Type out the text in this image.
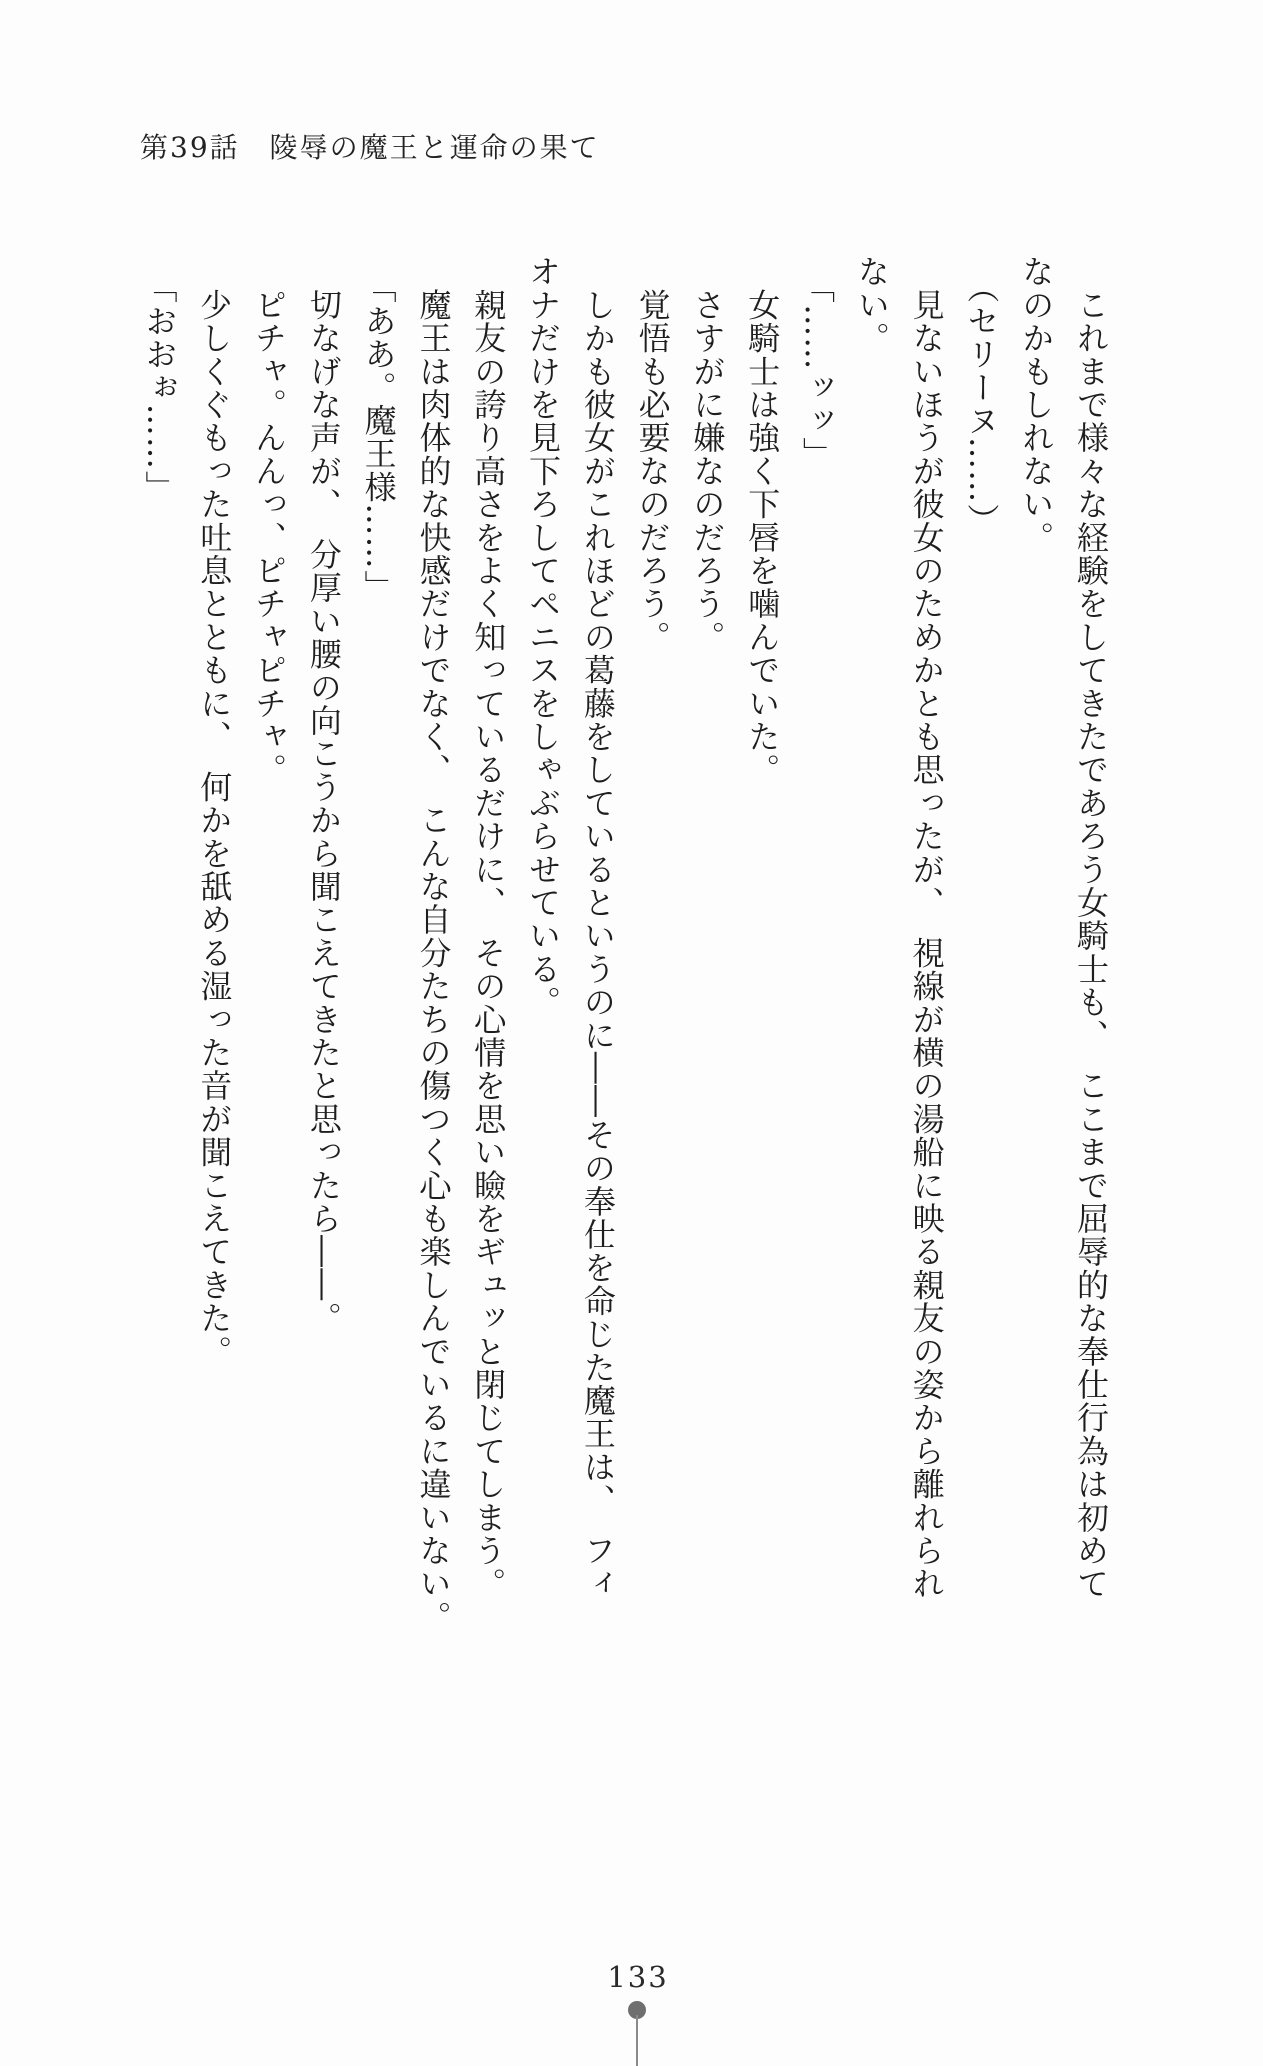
第39話　陵辱の魔王と運命の果て

　これまで様々な経験をしてきたであろう女騎士も、　ここまで屈辱的な奉仕行為は初めて

なのかもしれない。

（セリーヌ……）

　見ないほうが彼女のためかとも思ったが、　視線が横の湯船に映る親友の姿から離れられ

ない。

「……ッッ」

　女騎士は強く下唇を噛んでいた。

　さすがに嫌なのだろう。

　覚悟も必要なのだろう。

　しかも彼女がこれほどの葛藤をしているというのに――その奉仕を命じた魔王は、　フィ

オナだけを見下ろしてペニスをしゃぶらせている。

　親友の誇り高さをよく知っているだけに、　その心情を思い瞼をギュッと閉じてしまう。

　魔王は肉体的な快感だけでなく、　こんな自分たちの傷つく心も楽しんでいるに違いない。

「ああ。魔王様……」

　切なげな声が、　分厚い腰の向こうから聞こえてきたと思ったら――。

　ピチャ。んんっ、ピチャピチャ。

　少しくぐもった吐息とともに、　何かを舐める湿った音が聞こえてきた。

「おおぉ……」

133
